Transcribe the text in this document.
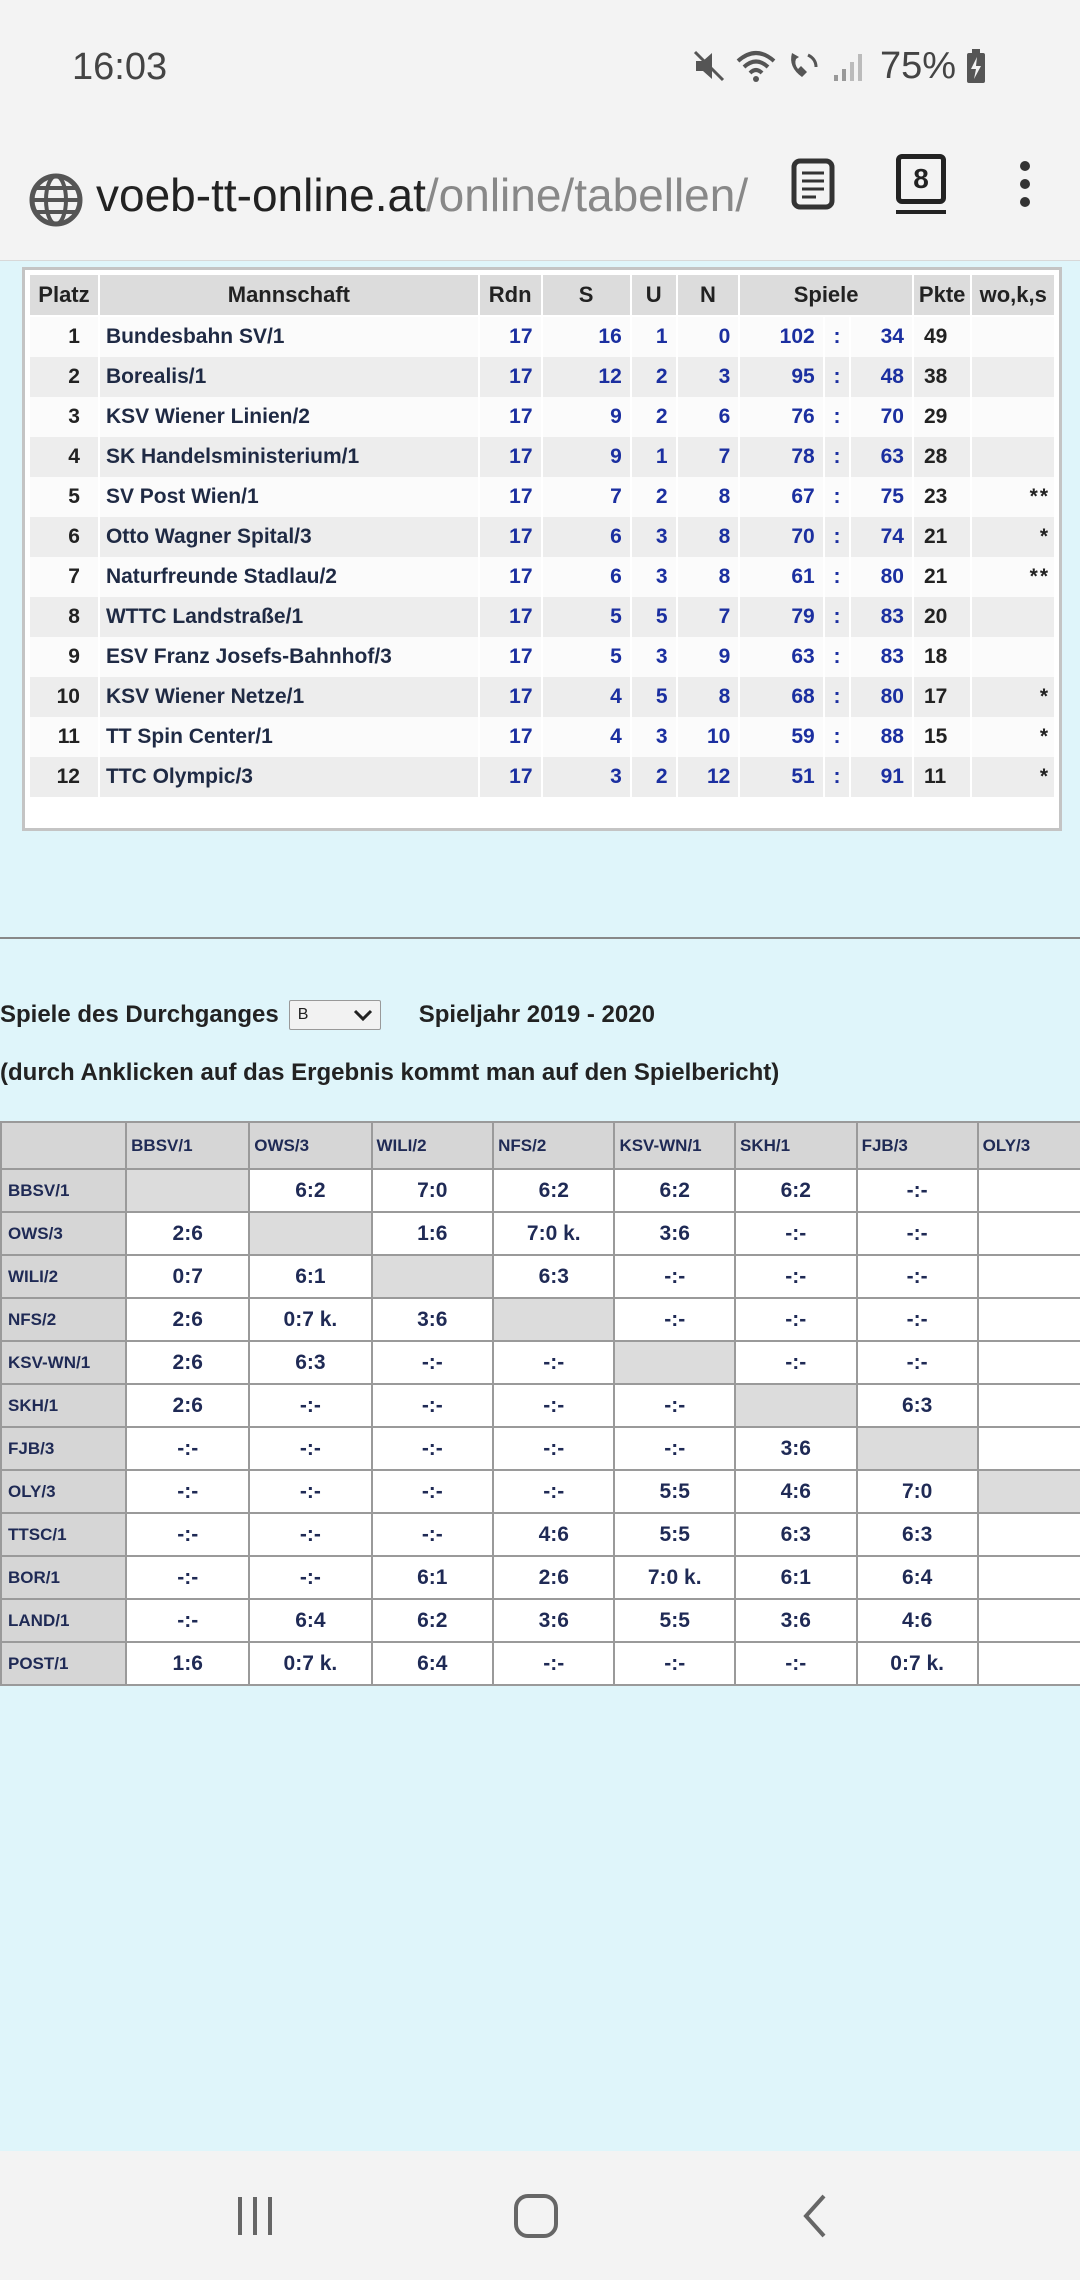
16:03	75%
voeb-tt-online.at/online/tabellen/	8
Platz	Mannschaft	Rdn	S	U	N	Spiele			Pkte	wo,k,s
1	Bundesbahn SV/1	17	16	1	0	102	:	34	49	
2	Borealis/1	17	12	2	3	95	:	48	38	
3	KSV Wiener Linien/2	17	9	2	6	76	:	70	29	
4	SK Handelsministerium/1	17	9	1	7	78	:	63	28	
5	SV Post Wien/1	17	7	2	8	67	:	75	23	**
6	Otto Wagner Spital/3	17	6	3	8	70	:	74	21	*
7	Naturfreunde Stadlau/2	17	6	3	8	61	:	80	21	**
8	WTTC Landstraße/1	17	5	5	7	79	:	83	20	
9	ESV Franz Josefs-Bahnhof/3	17	5	3	9	63	:	83	18	
10	KSV Wiener Netze/1	17	4	5	8	68	:	80	17	*
11	TT Spin Center/1	17	4	3	10	59	:	88	15	*
12	TTC Olympic/3	17	3	2	12	51	:	91	11	*
Spiele des Durchganges	B	Spieljahr 2019 - 2020
(durch Anklicken auf das Ergebnis kommt man auf den Spielbericht)
	BBSV/1	OWS/3	WILI/2	NFS/2	KSV-WN/1	SKH/1	FJB/3	OLY/3
BBSV/1		6:2	7:0	6:2	6:2	6:2	-:-	
OWS/3	2:6		1:6	7:0 k.	3:6	-:-	-:-	
WILI/2	0:7	6:1		6:3	-:-	-:-	-:-	
NFS/2	2:6	0:7 k.	3:6		-:-	-:-	-:-	
KSV-WN/1	2:6	6:3	-:-	-:-		-:-	-:-	
SKH/1	2:6	-:-	-:-	-:-	-:-		6:3	
FJB/3	-:-	-:-	-:-	-:-	-:-	3:6		
OLY/3	-:-	-:-	-:-	-:-	5:5	4:6	7:0	
TTSC/1	-:-	-:-	-:-	4:6	5:5	6:3	6:3	
BOR/1	-:-	-:-	6:1	2:6	7:0 k.	6:1	6:4	
LAND/1	-:-	6:4	6:2	3:6	5:5	3:6	4:6	
POST/1	1:6	0:7 k.	6:4	-:-	-:-	-:-	0:7 k.	
